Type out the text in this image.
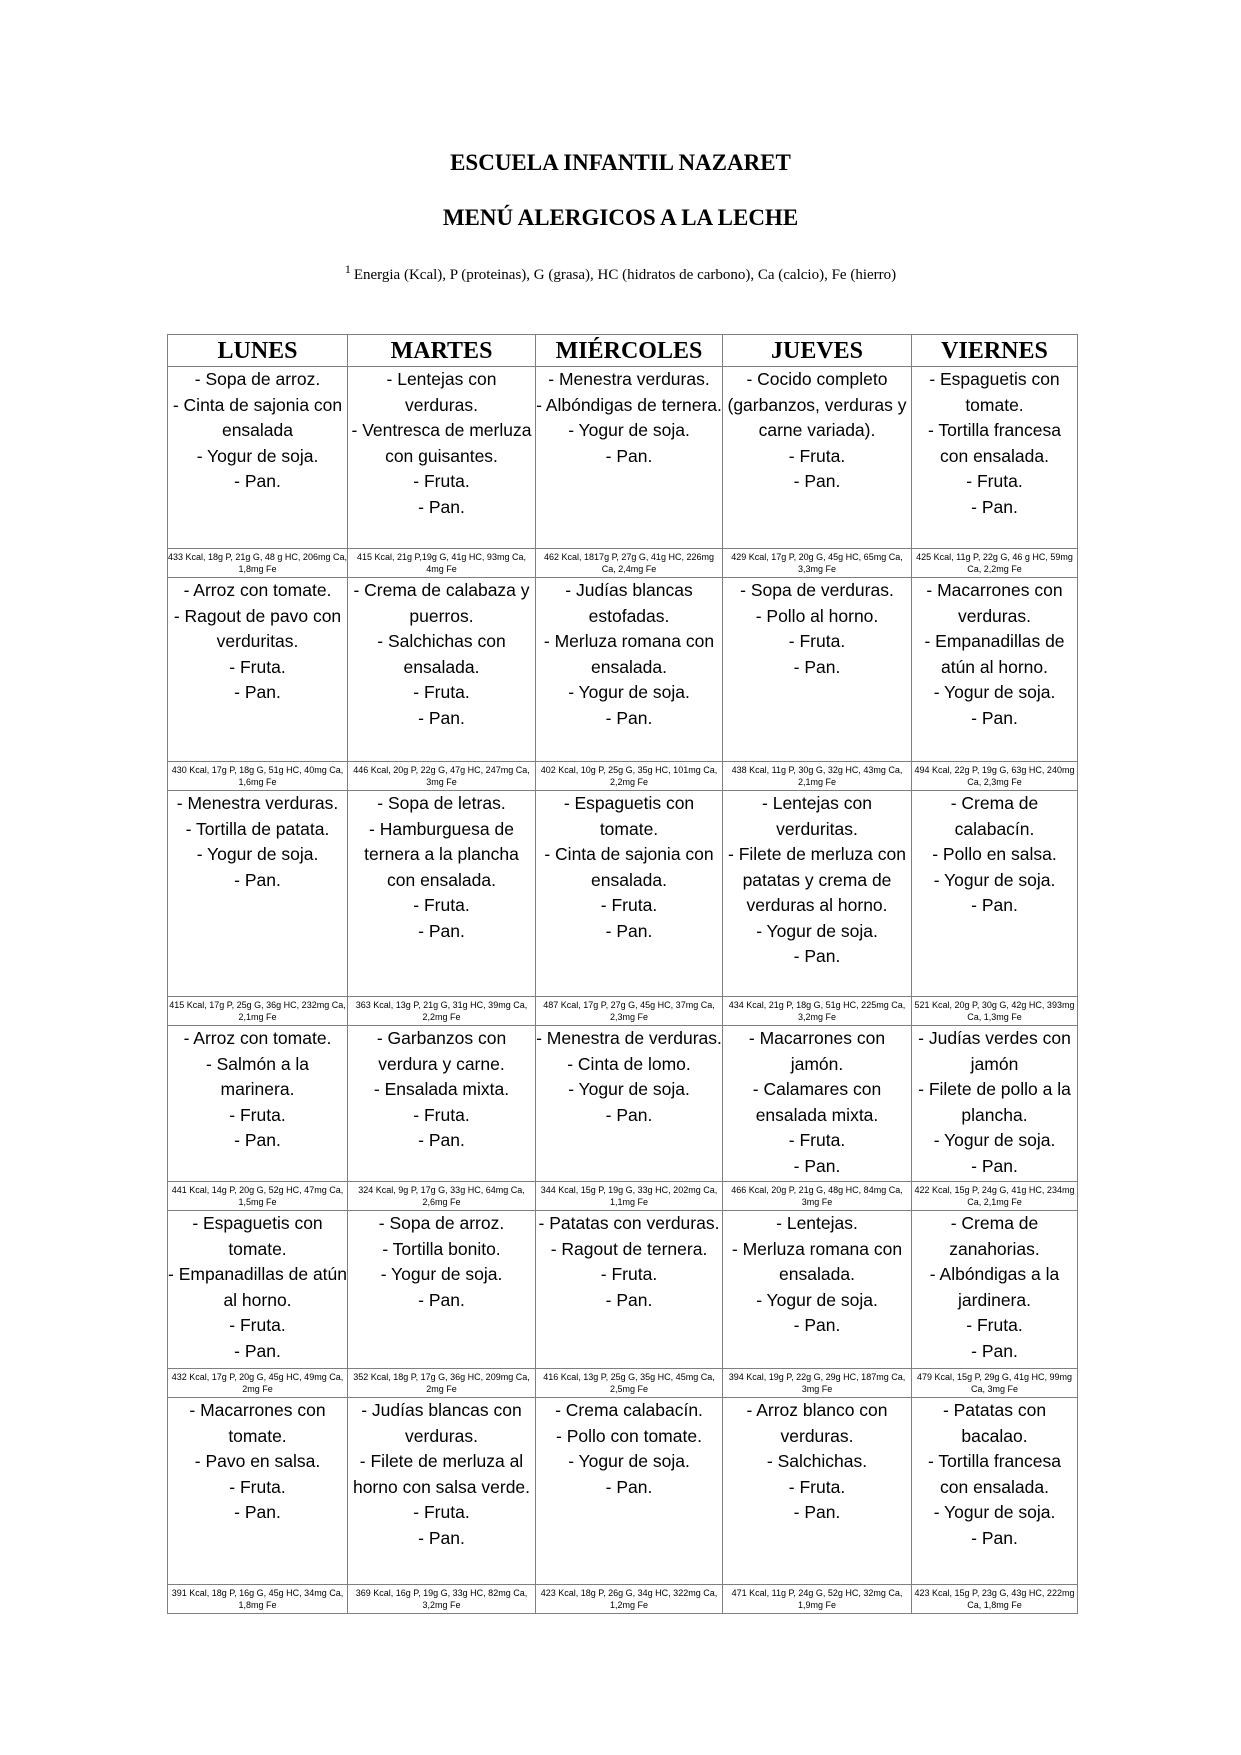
ESCUELA INFANTIL NAZARET
MENÚ ALERGICOS A LA LECHE
$^1$ Energia (Kcal), P (proteinas), G (grasa), HC (hidratos de carbono), Ca (calcio), Fe (hierro)
LUNES	MARTES	MIÉRCOLES	JUEVES	VIERNES

- Sopa de arroz.
- Cinta de sajonia con ensalada
- Yogur de soja.
- Pan.	- Lentejas con verduras.
- Ventresca de merluza con guisantes.
- Fruta.
- Pan.	- Menestra verduras.
- Albóndigas de ternera.
- Yogur de soja.
- Pan.	- Cocido completo (garbanzos, verduras y carne variada).
- Fruta.
- Pan.	- Espaguetis con tomate.
- Tortilla francesa con ensalada.
- Fruta.
- Pan.

433 Kcal, 18g P, 21g G, 48 g HC, 206mg Ca, 1,8mg Fe	415 Kcal, 21g P,19g G, 41g HC, 93mg Ca, 4mg Fe	462 Kcal, 1817g P, 27g G, 41g HC, 226mg Ca, 2,4mg Fe	429 Kcal, 17g P, 20g G, 45g HC, 65mg Ca, 3,3mg Fe	425 Kcal, 11g P, 22g G, 46 g HC, 59mg Ca, 2,2mg Fe

- Arroz con tomate.
- Ragout de pavo con verduritas.
- Fruta.
- Pan.	- Crema de calabaza y puerros.
- Salchichas con ensalada.
- Fruta.
- Pan.	- Judías blancas estofadas.
- Merluza romana con ensalada.
- Yogur de soja.
- Pan.	- Sopa de verduras.
- Pollo al horno.
- Fruta.
- Pan.	- Macarrones con verduras.
- Empanadillas de atún al horno.
- Yogur de soja.
- Pan.

430 Kcal, 17g P, 18g G, 51g HC, 40mg Ca, 1,6mg Fe	446 Kcal, 20g P, 22g G, 47g HC, 247mg Ca, 3mg Fe	402 Kcal, 10g P, 25g G, 35g HC, 101mg Ca, 2,2mg Fe	438 Kcal, 11g P, 30g G, 32g HC, 43mg Ca, 2,1mg Fe	494 Kcal, 22g P, 19g G, 63g HC, 240mg Ca, 2,3mg Fe

- Menestra verduras.
- Tortilla de patata.
- Yogur de soja.
- Pan.	- Sopa de letras.
- Hamburguesa de ternera a la plancha con ensalada.
- Fruta.
- Pan.	- Espaguetis con tomate.
- Cinta de sajonia con ensalada.
- Fruta.
- Pan.	- Lentejas con verduritas.
- Filete de merluza con patatas y crema de verduras al horno.
- Yogur de soja.
- Pan.	- Crema de calabacín.
- Pollo en salsa.
- Yogur de soja.
- Pan.

415 Kcal, 17g P, 25g G, 36g HC, 232mg Ca, 2,1mg Fe	363 Kcal, 13g P, 21g G, 31g HC, 39mg Ca, 2,2mg Fe	487 Kcal, 17g P, 27g G, 45g HC, 37mg Ca, 2,3mg Fe	434 Kcal, 21g P, 18g G, 51g HC, 225mg Ca, 3,2mg Fe	521 Kcal, 20g P, 30g G, 42g HC, 393mg Ca, 1,3mg Fe

- Arroz con tomate.
- Salmón a la marinera.
- Fruta.
- Pan.	- Garbanzos con verdura y carne.
- Ensalada mixta.
- Fruta.
- Pan.	- Menestra de verduras.
- Cinta de lomo.
- Yogur de soja.
- Pan.	- Macarrones con jamón.
- Calamares con ensalada mixta.
- Fruta.
- Pan.	- Judías verdes con jamón
- Filete de pollo a la plancha.
- Yogur de soja.
- Pan.

441 Kcal, 14g P, 20g G, 52g HC, 47mg Ca, 1,5mg Fe	324 Kcal, 9g P, 17g G, 33g HC, 64mg Ca, 2,6mg Fe	344 Kcal, 15g P, 19g G, 33g HC, 202mg Ca, 1,1mg Fe	466 Kcal, 20g P, 21g G, 48g HC, 84mg Ca, 3mg Fe	422 Kcal, 15g P, 24g G, 41g HC, 234mg Ca, 2,1mg Fe

- Espaguetis con tomate.
- Empanadillas de atún al horno.
- Fruta.
- Pan.	- Sopa de arroz.
- Tortilla bonito.
- Yogur de soja.
- Pan.	- Patatas con verduras.
- Ragout de ternera.
- Fruta.
- Pan.	- Lentejas.
- Merluza romana con ensalada.
- Yogur de soja.
- Pan.	- Crema de zanahorias.
- Albóndigas a la jardinera.
- Fruta.
- Pan.

432 Kcal, 17g P, 20g G, 45g HC, 49mg Ca, 2mg Fe	352 Kcal, 18g P, 17g G, 36g HC, 209mg Ca, 2mg Fe	416 Kcal, 13g P, 25g G, 35g HC, 45mg Ca, 2,5mg Fe	394 Kcal, 19g P, 22g G, 29g HC, 187mg Ca, 3mg Fe	479 Kcal, 15g P, 29g G, 41g HC, 99mg Ca, 3mg Fe

- Macarrones con tomate.
- Pavo en salsa.
- Fruta.
- Pan.	- Judías blancas con verduras.
- Filete de merluza al horno con salsa verde.
- Fruta.
- Pan.	- Crema calabacín.
- Pollo con tomate.
- Yogur de soja.
- Pan.	- Arroz blanco con verduras.
- Salchichas.
- Fruta.
- Pan.	- Patatas con bacalao.
- Tortilla francesa con ensalada.
- Yogur de soja.
- Pan.

391 Kcal, 18g P, 16g G, 45g HC, 34mg Ca, 1,8mg Fe	369 Kcal, 16g P, 19g G, 33g HC, 82mg Ca, 3,2mg Fe	423 Kcal, 18g P, 26g G, 34g HC, 322mg Ca, 1,2mg Fe	471 Kcal, 11g P, 24g G, 52g HC, 32mg Ca, 1,9mg Fe	423 Kcal, 15g P, 23g G, 43g HC, 222mg Ca, 1,8mg Fe
